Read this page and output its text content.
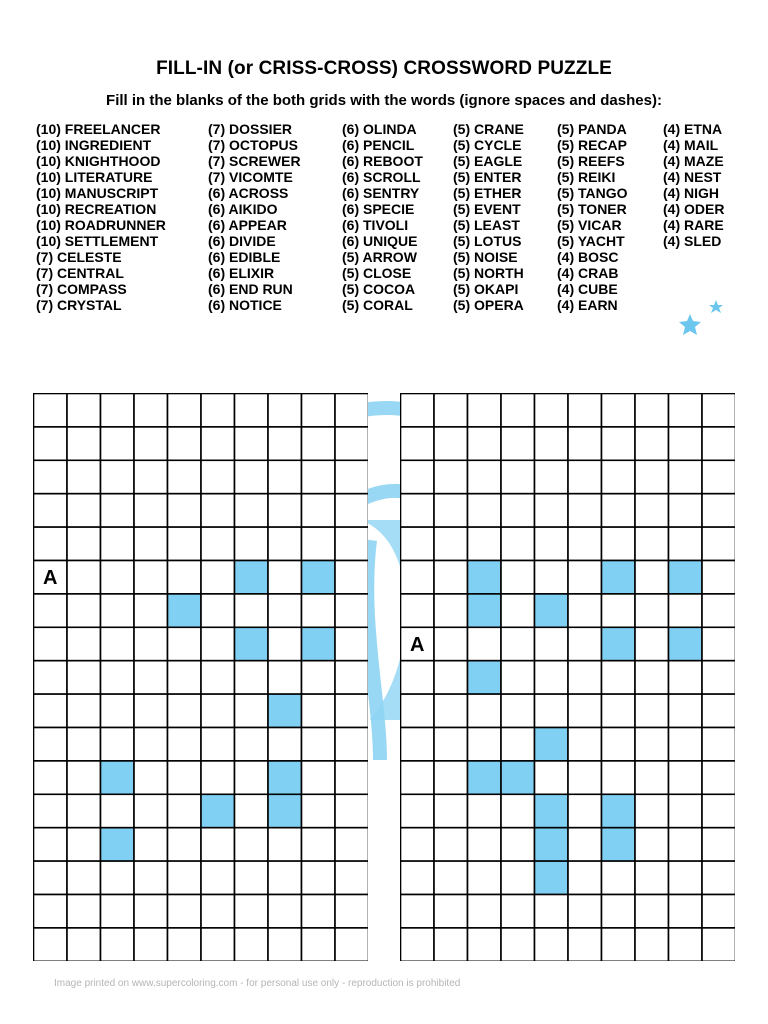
FILL-IN (or CRISS-CROSS) CROSSWORD PUZZLE
Fill in the blanks of the both grids with the words (ignore spaces and dashes):
(10) FREELANCER
(10) INGREDIENT
(10) KNIGHTHOOD
(10) LITERATURE
(10) MANUSCRIPT
(10) RECREATION
(10) ROADRUNNER
(10) SETTLEMENT
(7) CELESTE
(7) CENTRAL
(7) COMPASS
(7) CRYSTAL
(7) DOSSIER
(7) OCTOPUS
(7) SCREWER
(7) VICOMTE
(6) ACROSS
(6) AIKIDO
(6) APPEAR
(6) DIVIDE
(6) EDIBLE
(6) ELIXIR
(6) END RUN
(6) NOTICE
(6) OLINDA
(6) PENCIL
(6) REBOOT
(6) SCROLL
(6) SENTRY
(6) SPECIE
(6) TIVOLI
(6) UNIQUE
(5) ARROW
(5) CLOSE
(5) COCOA
(5) CORAL
(5) CRANE
(5) CYCLE
(5) EAGLE
(5) ENTER
(5) ETHER
(5) EVENT
(5) LEAST
(5) LOTUS
(5) NOISE
(5) NORTH
(5) OKAPI
(5) OPERA
(5) PANDA
(5) RECAP
(5) REEFS
(5) REIKI
(5) TANGO
(5) TONER
(5) VICAR
(5) YACHT
(4) BOSC
(4) CRAB
(4) CUBE
(4) EARN
(4) ETNA
(4) MAIL
(4) MAZE
(4) NEST
(4) NIGH
(4) ODER
(4) RARE
(4) SLED
A
A
Image printed on www.supercoloring.com - for personal use only - reproduction is prohibited
